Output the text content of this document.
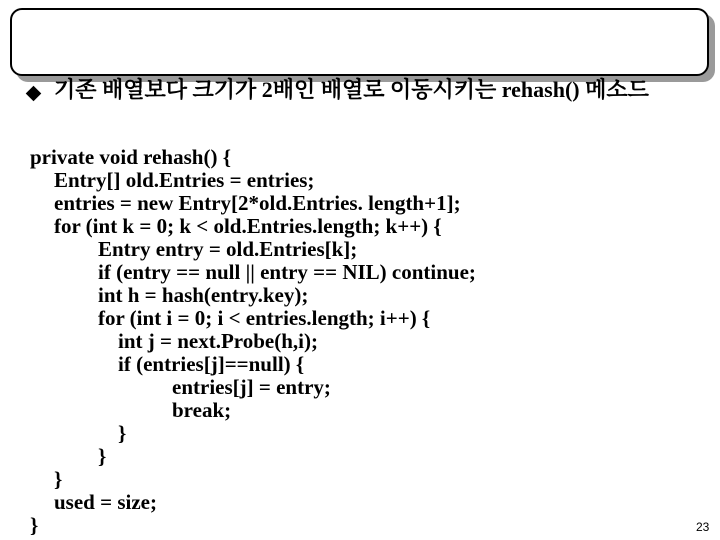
기존 배열보다 크기가 2배인 배열로 이동시키는 rehash() 메소드
private void rehash() {
Entry[] old.Entries = entries;
entries = new Entry[2*old.Entries. length+1];
for (int k = 0; k < old.Entries.length; k++) {
Entry entry = old.Entries[k];
if (entry == null || entry == NIL) continue;
int h = hash(entry.key);
for (int i = 0; i < entries.length; i++) {
int j = next.Probe(h,i);
if (entries[j]==null) {
entries[j] = entry;
break;
}
}
}
used = size;
}	23
